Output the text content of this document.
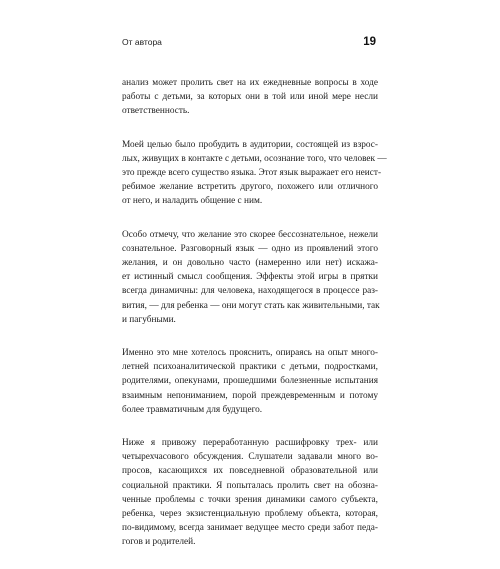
От автора	19

анализ может пролить свет на их ежедневные вопросы в ходе
работы с детьми, за которых они в той или иной мере несли
ответственность.

Моей целью было пробудить в аудитории, состоящей из взрос-
лых, живущих в контакте с детьми, осознание того, что человек —
это прежде всего существо языка. Этот язык выражает его неист-
ребимое желание встретить другого, похожего или отличного
от него, и наладить общение с ним.

Особо отмечу, что желание это скорее бессознательное, нежели
сознательное. Разговорный язык — одно из проявлений этого
желания, и он довольно часто (намеренно или нет) искажа-
ет истинный смысл сообщения. Эффекты этой игры в прятки
всегда динамичны: для человека, находящегося в процессе раз-
вития, — для ребенка — они могут стать как живительными, так
и пагубными.

Именно это мне хотелось прояснить, опираясь на опыт много-
летней психоаналитической практики с детьми, подростками,
родителями, опекунами, прошедшими болезненные испытания
взаимным непониманием, порой преждевременным и потому
более травматичным для будущего.

Ниже я привожу переработанную расшифровку трех- или
четырехчасового обсуждения. Слушатели задавали много во-
просов, касающихся их повседневной образовательной или
социальной практики. Я попыталась пролить свет на обозна-
ченные проблемы с точки зрения динамики самого субъекта,
ребенка, через экзистенциальную проблему объекта, которая,
по-видимому, всегда занимает ведущее место среди забот педа-
гогов и родителей.
